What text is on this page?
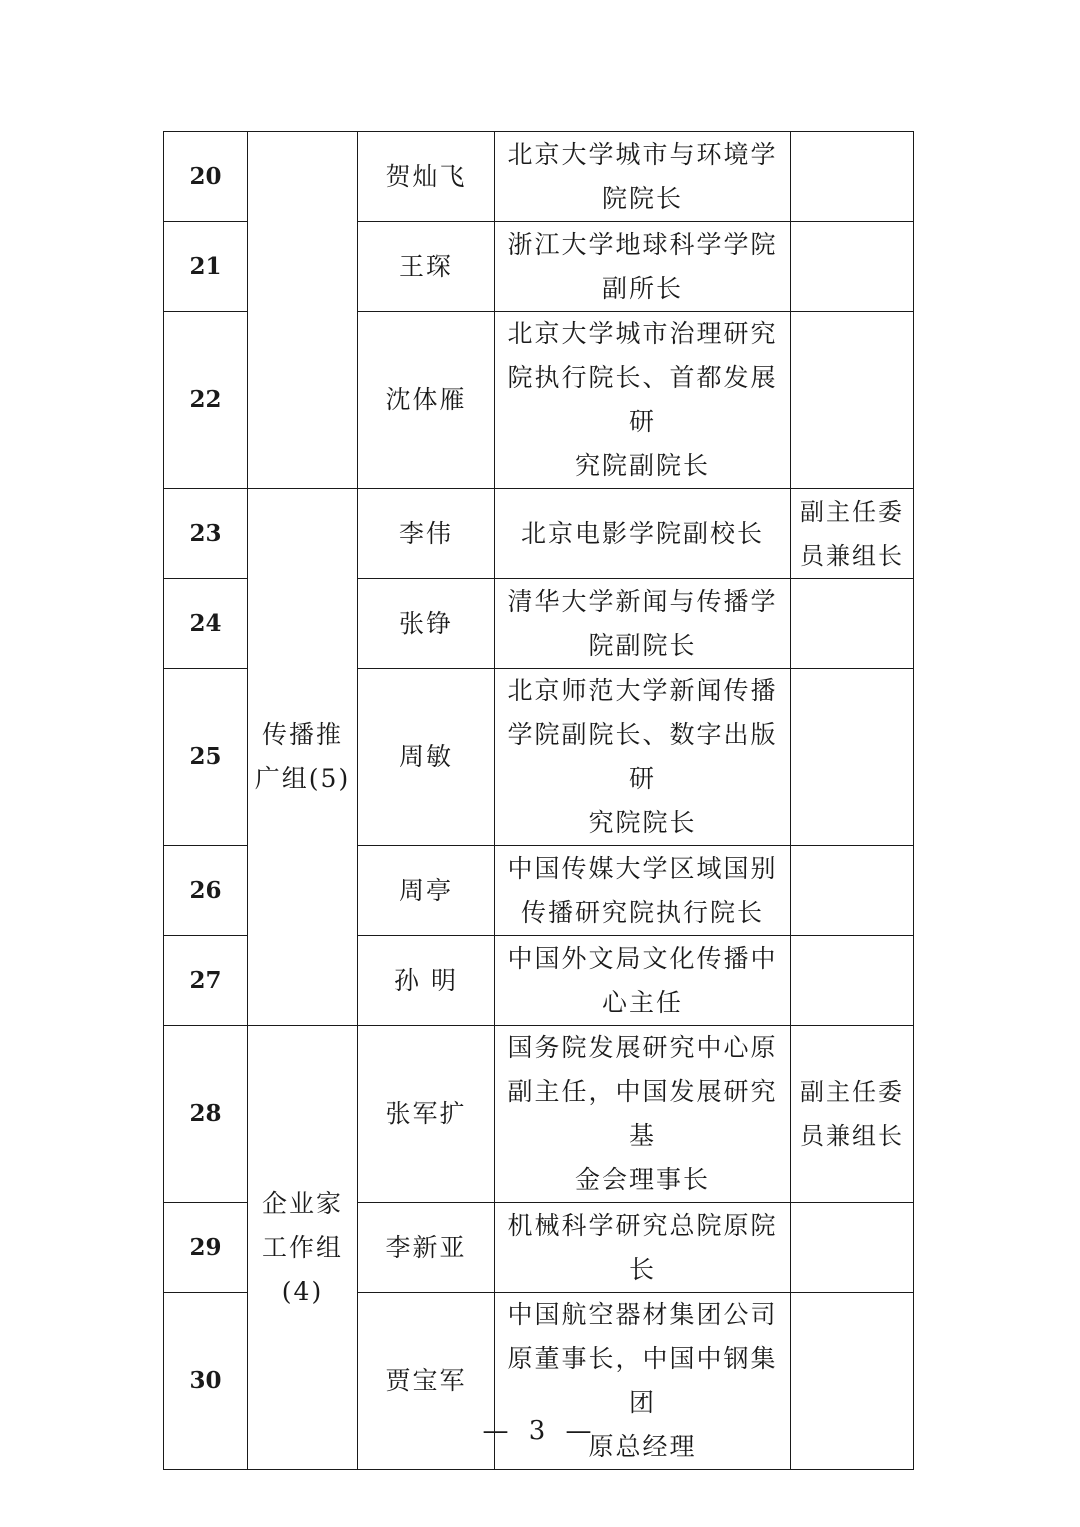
20		贺灿飞	北京大学城市与环境学
院院长	

21		王琛	浙江大学地球科学学院
副所长	

22		沈体雁	北京大学城市治理研究
院执行院长、首都发展研
究院副院长	

23	传播推
广组(5)	李伟	北京电影学院副校长	副主任委
员兼组长

24		张铮	清华大学新闻与传播学
院副院长	

25		周敏	北京师范大学新闻传播
学院副院长、数字出版研
究院院长	

26		周亭	中国传媒大学区域国别
传播研究院执行院长	

27		孙 明	中国外文局文化传播中
心主任	

28	企业家
工作组
(4)	张军扩	国务院发展研究中心原
副主任，中国发展研究基
金会理事长	副主任委
员兼组长

29		李新亚	机械科学研究总院原院
长	

30		贾宝军	中国航空器材集团公司
原董事长，中国中钢集团
原总经理	

— 3 —
